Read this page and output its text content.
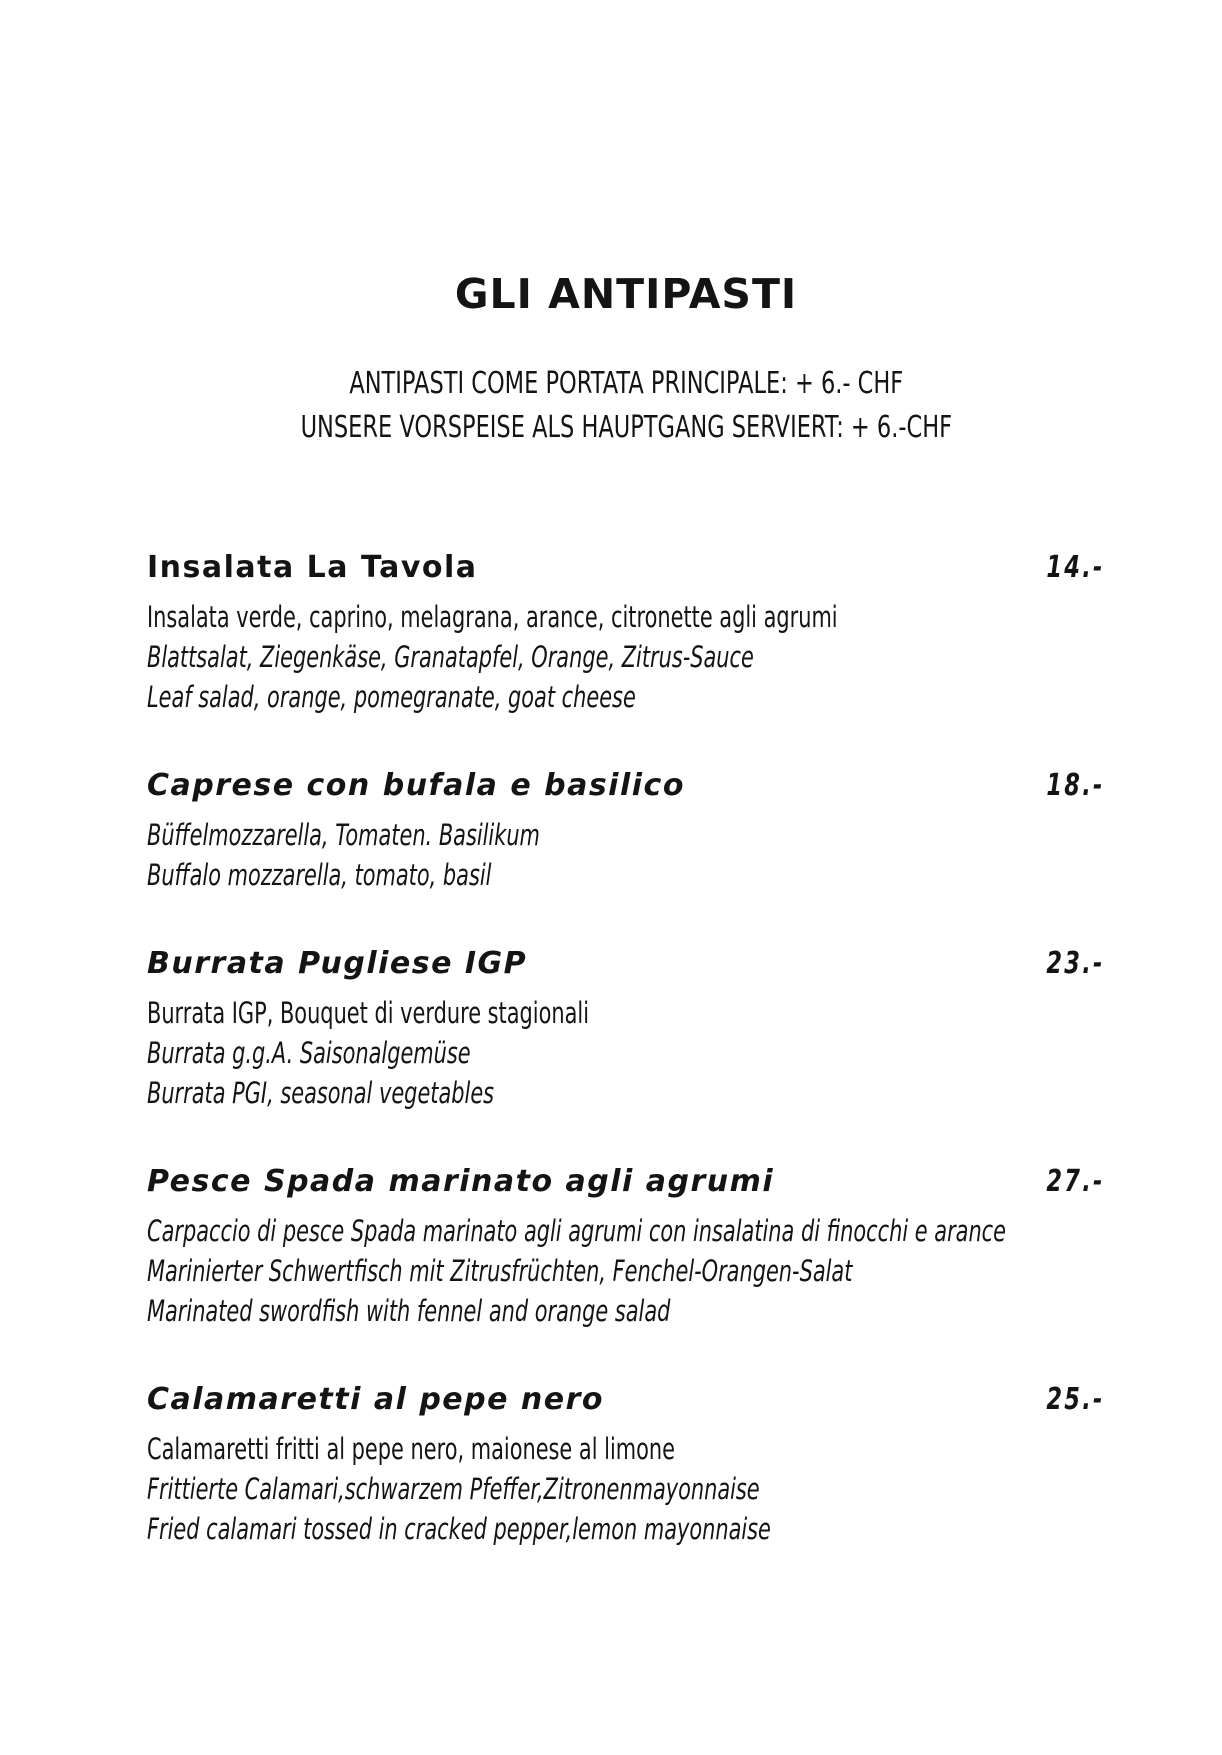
GLI ANTIPASTI
ANTIPASTI COME PORTATA PRINCIPALE: + 6.- CHF
UNSERE VORSPEISE ALS HAUPTGANG SERVIERT: + 6.-CHF
Insalata La Tavola	14.-
Insalata verde, caprino, melagrana, arance, citronette agli agrumi
Blattsalat, Ziegenkäse, Granatapfel, Orange, Zitrus-Sauce
Leaf salad, orange, pomegranate, goat cheese
Caprese con bufala e basilico	18.-
Büffelmozzarella, Tomaten. Basilikum
Buffalo mozzarella, tomato, basil
Burrata Pugliese IGP	23.-
Burrata IGP, Bouquet di verdure stagionali
Burrata g.g.A. Saisonalgemüse
Burrata PGI, seasonal vegetables
Pesce Spada marinato agli agrumi	27.-
Carpaccio di pesce Spada marinato agli agrumi con insalatina di finocchi e arance
Marinierter Schwertfisch mit Zitrusfrüchten, Fenchel-Orangen-Salat
Marinated swordfish with fennel and orange salad
Calamaretti al pepe nero	25.-
Calamaretti fritti al pepe nero, maionese al limone
Frittierte Calamari,schwarzem Pfeffer,Zitronenmayonnaise
Fried calamari tossed in cracked pepper,lemon mayonnaise
